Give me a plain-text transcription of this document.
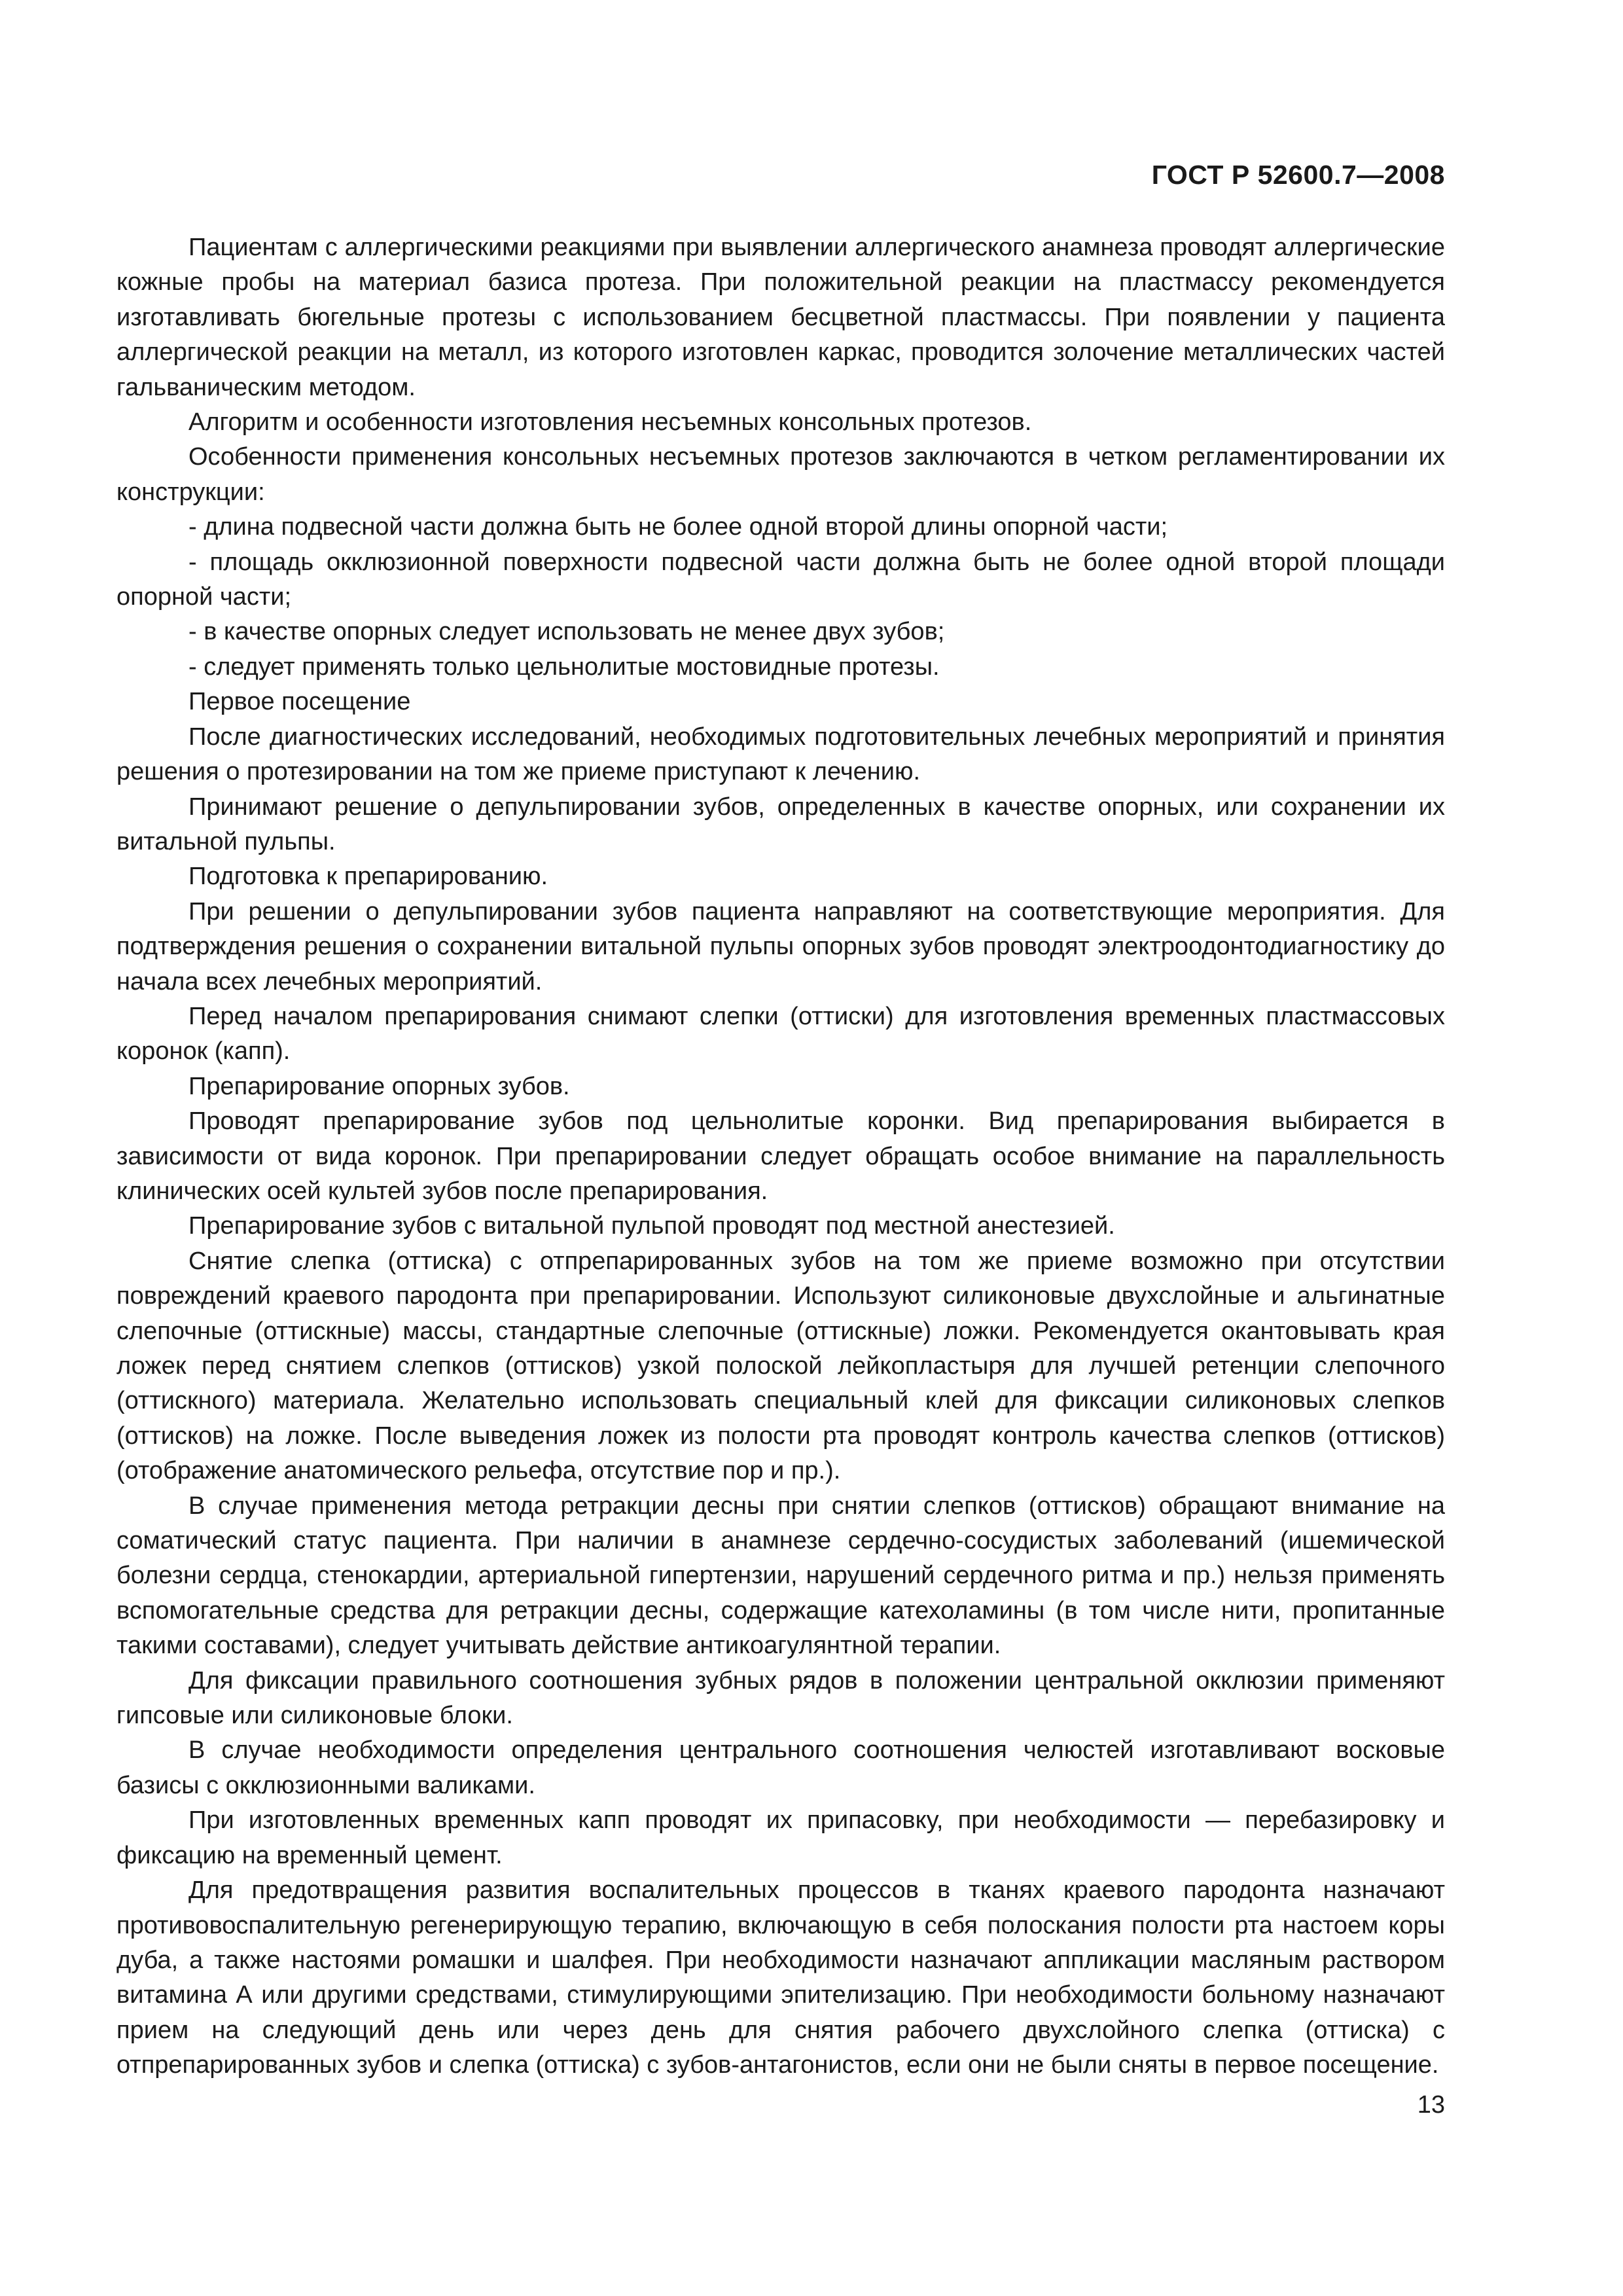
ГОСТ Р 52600.7—2008

Пациентам с аллергическими реакциями при выявлении аллергического анамнеза проводят аллергические кожные пробы на материал базиса протеза. При положительной реакции на пластмассу рекомендуется изготавливать бюгельные протезы с использованием бесцветной пластмассы. При появлении у пациента аллергической реакции на металл, из которого изготовлен каркас, проводится золочение металлических частей гальваническим методом.

Алгоритм и особенности изготовления несъемных консольных протезов.

Особенности применения консольных несъемных протезов заключаются в четком регламентировании их конструкции:

- длина подвесной части должна быть не более одной второй длины опорной части;

- площадь окклюзионной поверхности подвесной части должна быть не более одной второй площади опорной части;

- в качестве опорных следует использовать не менее двух зубов;

- следует применять только цельнолитые мостовидные протезы.

Первое посещение

После диагностических исследований, необходимых подготовительных лечебных мероприятий и принятия решения о протезировании на том же приеме приступают к лечению.

Принимают решение о депульпировании зубов, определенных в качестве опорных, или сохранении их витальной пульпы.

Подготовка к препарированию.

При решении о депульпировании зубов пациента направляют на соответствующие мероприятия. Для подтверждения решения о сохранении витальной пульпы опорных зубов проводят электроодонтодиагностику до начала всех лечебных мероприятий.

Перед началом препарирования снимают слепки (оттиски) для изготовления временных пластмассовых коронок (капп).

Препарирование опорных зубов.

Проводят препарирование зубов под цельнолитые коронки. Вид препарирования выбирается в зависимости от вида коронок. При препарировании следует обращать особое внимание на параллельность клинических осей культей зубов после препарирования.

Препарирование зубов с витальной пульпой проводят под местной анестезией.

Снятие слепка (оттиска) с отпрепарированных зубов на том же приеме возможно при отсутствии повреждений краевого пародонта при препарировании. Используют силиконовые двухслойные и альгинатные слепочные (оттискные) массы, стандартные слепочные (оттискные) ложки. Рекомендуется окантовывать края ложек перед снятием слепков (оттисков) узкой полоской лейкопластыря для лучшей ретенции слепочного (оттискного) материала. Желательно использовать специальный клей для фиксации силиконовых слепков (оттисков) на ложке. После выведения ложек из полости рта проводят контроль качества слепков (оттисков) (отображение анатомического рельефа, отсутствие пор и пр.).

В случае применения метода ретракции десны при снятии слепков (оттисков) обращают внимание на соматический статус пациента. При наличии в анамнезе сердечно-сосудистых заболеваний (ишемической болезни сердца, стенокардии, артериальной гипертензии, нарушений сердечного ритма и пр.) нельзя применять вспомогательные средства для ретракции десны, содержащие катехоламины (в том числе нити, пропитанные такими составами), следует учитывать действие антикоагулянтной терапии.

Для фиксации правильного соотношения зубных рядов в положении центральной окклюзии применяют гипсовые или силиконовые блоки.

В случае необходимости определения центрального соотношения челюстей изготавливают восковые базисы с окклюзионными валиками.

При изготовленных временных капп проводят их припасовку, при необходимости — перебазировку и фиксацию на временный цемент.

Для предотвращения развития воспалительных процессов в тканях краевого пародонта назначают противовоспалительную регенерирующую терапию, включающую в себя полоскания полости рта настоем коры дуба, а также настоями ромашки и шалфея. При необходимости назначают аппликации масляным раствором витамина А или другими средствами, стимулирующими эпителизацию. При необходимости больному назначают прием на следующий день или через день для снятия рабочего двухслойного слепка (оттиска) с отпрепарированных зубов и слепка (оттиска) с зубов-антагонистов, если они не были сняты в первое посещение.

13
